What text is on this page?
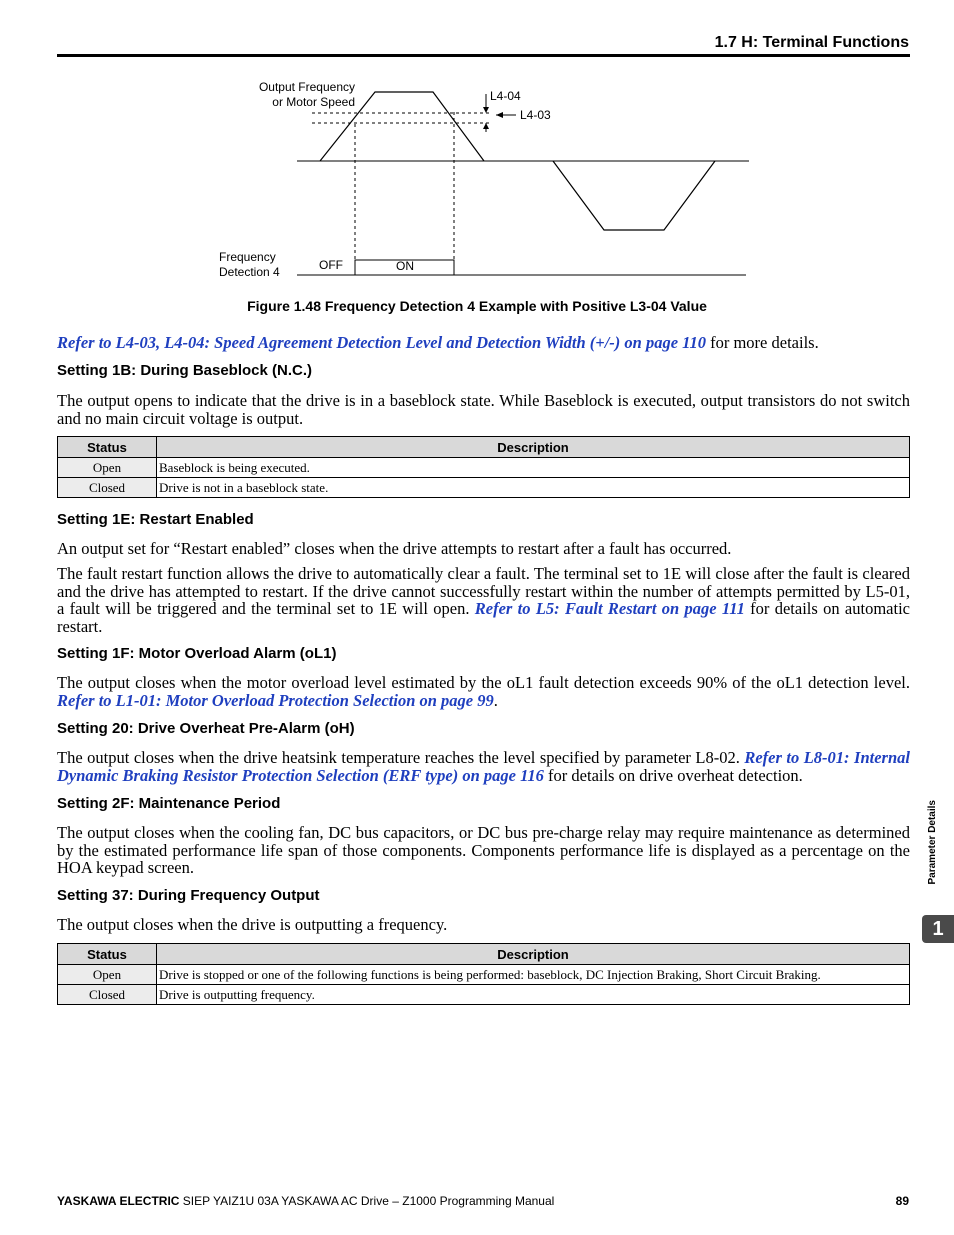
1.7 H: Terminal Functions
Output Frequency
or Motor Speed	L4-04
L4-03
Frequency
Detection 4	OFF	ON
Figure 1.48 Frequency Detection 4 Example with Positive L3-04 Value
Refer to L4-03, L4-04: Speed Agreement Detection Level and Detection Width (+/-) on page 110 for more details.
Setting 1B: During Baseblock (N.C.)
The output opens to indicate that the drive is in a baseblock state. While Baseblock is executed, output transistors do not switch and no main circuit voltage is output.
Status	Description
Open	Baseblock is being executed.
Closed	Drive is not in a baseblock state.
Setting 1E: Restart Enabled
An output set for “Restart enabled” closes when the drive attempts to restart after a fault has occurred.
The fault restart function allows the drive to automatically clear a fault. The terminal set to 1E will close after the fault is cleared and the drive has attempted to restart. If the drive cannot successfully restart within the number of attempts permitted by L5-01, a fault will be triggered and the terminal set to 1E will open. Refer to L5: Fault Restart on page 111 for details on automatic restart.
Setting 1F: Motor Overload Alarm (oL1)
The output closes when the motor overload level estimated by the oL1 fault detection exceeds 90% of the oL1 detection level. Refer to L1-01: Motor Overload Protection Selection on page 99.
Setting 20: Drive Overheat Pre-Alarm (oH)
The output closes when the drive heatsink temperature reaches the level specified by parameter L8-02. Refer to L8-01: Internal Dynamic Braking Resistor Protection Selection (ERF type) on page 116 for details on drive overheat detection.
Setting 2F: Maintenance Period
The output closes when the cooling fan, DC bus capacitors, or DC bus pre-charge relay may require maintenance as determined by the estimated performance life span of those components. Components performance life is displayed as a percentage on the HOA keypad screen.
Setting 37: During Frequency Output
The output closes when the drive is outputting a frequency.
Status	Description
Open	Drive is stopped or one of the following functions is being performed: baseblock, DC Injection Braking, Short Circuit Braking.
Closed	Drive is outputting frequency.
Parameter Details
1
YASKAWA ELECTRIC SIEP YAIZ1U 03A YASKAWA AC Drive – Z1000 Programming Manual	89
